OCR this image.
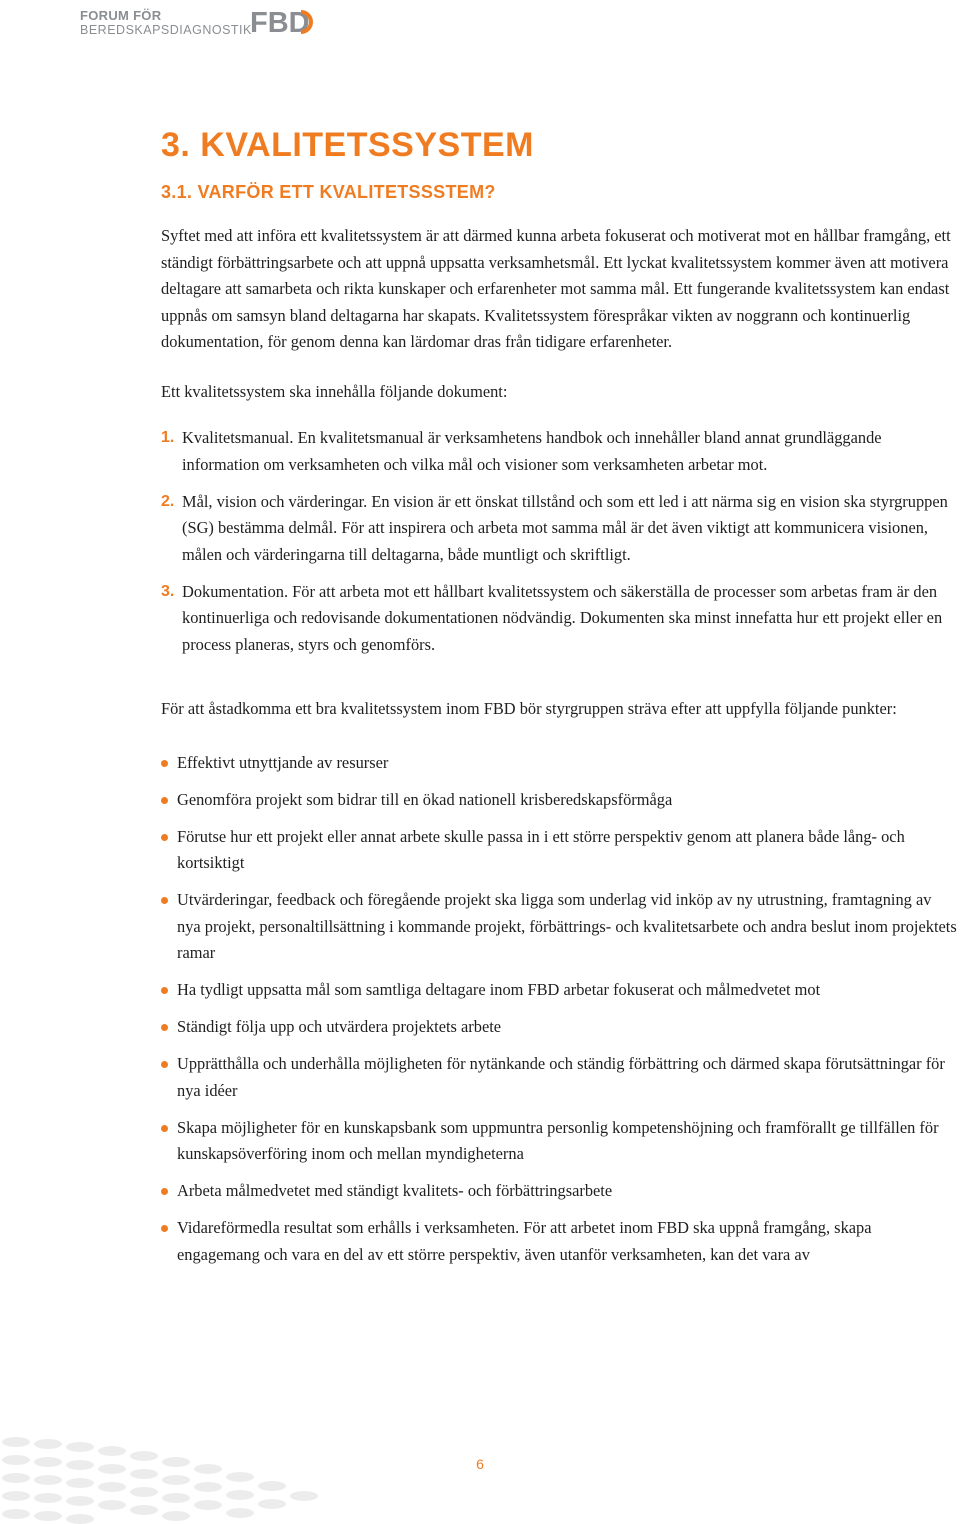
FORUM FÖR
BEREDSKAPSDIAGNOSTIK
FBD
3. KVALITETSSYSTEM
3.1. VARFÖR ETT KVALITETSSSTEM?

Syftet med att införa ett kvalitetssystem är att därmed kunna arbeta fokuserat och motiverat mot en hållbar framgång, ett ständigt förbättringsarbete och att uppnå uppsatta verksamhetsmål. Ett lyckat kvalitetssystem kommer även att motivera deltagare att samarbeta och rikta kunskaper och erfarenheter mot samma mål. Ett fungerande kvalitetssystem kan endast uppnås om samsyn bland deltagarna har skapats. Kvalitetssystem förespråkar vikten av noggrann och kontinuerlig dokumentation, för genom denna kan lärdomar dras från tidigare erfarenheter.

Ett kvalitetssystem ska innehålla följande dokument:

1. Kvalitetsmanual. En kvalitetsmanual är verksamhetens handbok och innehåller bland annat grundläggande information om verksamheten och vilka mål och visioner som verksamheten arbetar mot.

2. Mål, vision och värderingar. En vision är ett önskat tillstånd och som ett led i att närma sig en vision ska styrgruppen (SG) bestämma delmål. För att inspirera och arbeta mot samma mål är det även viktigt att kommunicera visionen, målen och värderingarna till deltagarna, både muntligt och skriftligt.

3. Dokumentation. För att arbeta mot ett hållbart kvalitetssystem och säkerställa de processer som arbetas fram är den kontinuerliga och redovisande dokumentationen nödvändig. Dokumenten ska minst innefatta hur ett projekt eller en process planeras, styrs och genomförs.

För att åstadkomma ett bra kvalitetssystem inom FBD bör styrgruppen sträva efter att uppfylla följande punkter:

Effektivt utnyttjande av resurser

Genomföra projekt som bidrar till en ökad nationell krisberedskapsförmåga

Förutse hur ett projekt eller annat arbete skulle passa in i ett större perspektiv genom att planera både lång- och kortsiktigt

Utvärderingar, feedback och föregående projekt ska ligga som underlag vid inköp av ny utrustning, framtagning av nya projekt, personaltillsättning i kommande projekt, förbättrings- och kvalitetsarbete och andra beslut inom projektets ramar

Ha tydligt uppsatta mål som samtliga deltagare inom FBD arbetar fokuserat och målmedvetet mot

Ständigt följa upp och utvärdera projektets arbete

Upprätthålla och underhålla möjligheten för nytänkande och ständig förbättring och därmed skapa förutsättningar för nya idéer

Skapa möjligheter för en kunskapsbank som uppmuntra personlig kompetenshöjning och framförallt ge tillfällen för kunskapsöverföring inom och mellan myndigheterna

Arbeta målmedvetet med ständigt kvalitets- och förbättringsarbete

Vidareförmedla resultat som erhålls i verksamheten. För att arbetet inom FBD ska uppnå framgång, skapa engagemang och vara en del av ett större perspektiv, även utanför verksamheten, kan det vara av

6
